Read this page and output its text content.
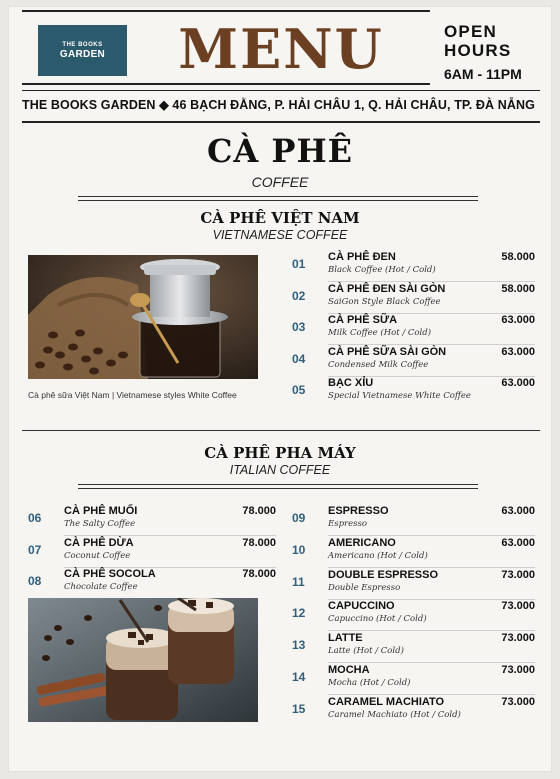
THE BOOKS
GARDEN	MENU	OPEN
HOURS
6AM - 11PM
THE BOOKS GARDEN ◆ 46 BẠCH ĐẰNG, P. HẢI CHÂU 1, Q. HẢI CHÂU, TP. ĐÀ NẴNG
CÀ PHÊ
COFFEE
CÀ PHÊ VIỆT NAM
VIETNAMESE COFFEE
Cà phê sữa Việt Nam | Vietnamese styles White Coffee
01	CÀ PHÊ ĐEN
Black Coffee (Hot / Cold)
58.000
02	CÀ PHÊ ĐEN SÀI GÒN
SaiGon Style Black Coffee
58.000
03	CÀ PHÊ SỮA
Milk Coffee (Hot / Cold)
63.000
04	CÀ PHÊ SỮA SÀI GÒN
Condensed Milk Coffee
63.000
05	BẠC XỈU
Special Vietnamese White Coffee
63.000
CÀ PHÊ PHA MÁY
ITALIAN COFFEE
06	CÀ PHÊ MUỐI
The Salty Coffee
78.000
07	CÀ PHÊ DỪA
Coconut Coffee
78.000
08	CÀ PHÊ SOCOLA
Chocolate Coffee
78.000
09	ESPRESSO
Espresso
63.000
10	AMERICANO
Americano (Hot / Cold)
63.000
11	DOUBLE ESPRESSO
Double Espresso
73.000
12	CAPUCCINO
Capuccino (Hot / Cold)
73.000
13	LATTE
Latte (Hot / Cold)
73.000
14	MOCHA
Mocha (Hot / Cold)
73.000
15	CARAMEL MACHIATO
Caramel Machiato (Hot / Cold)
73.000
